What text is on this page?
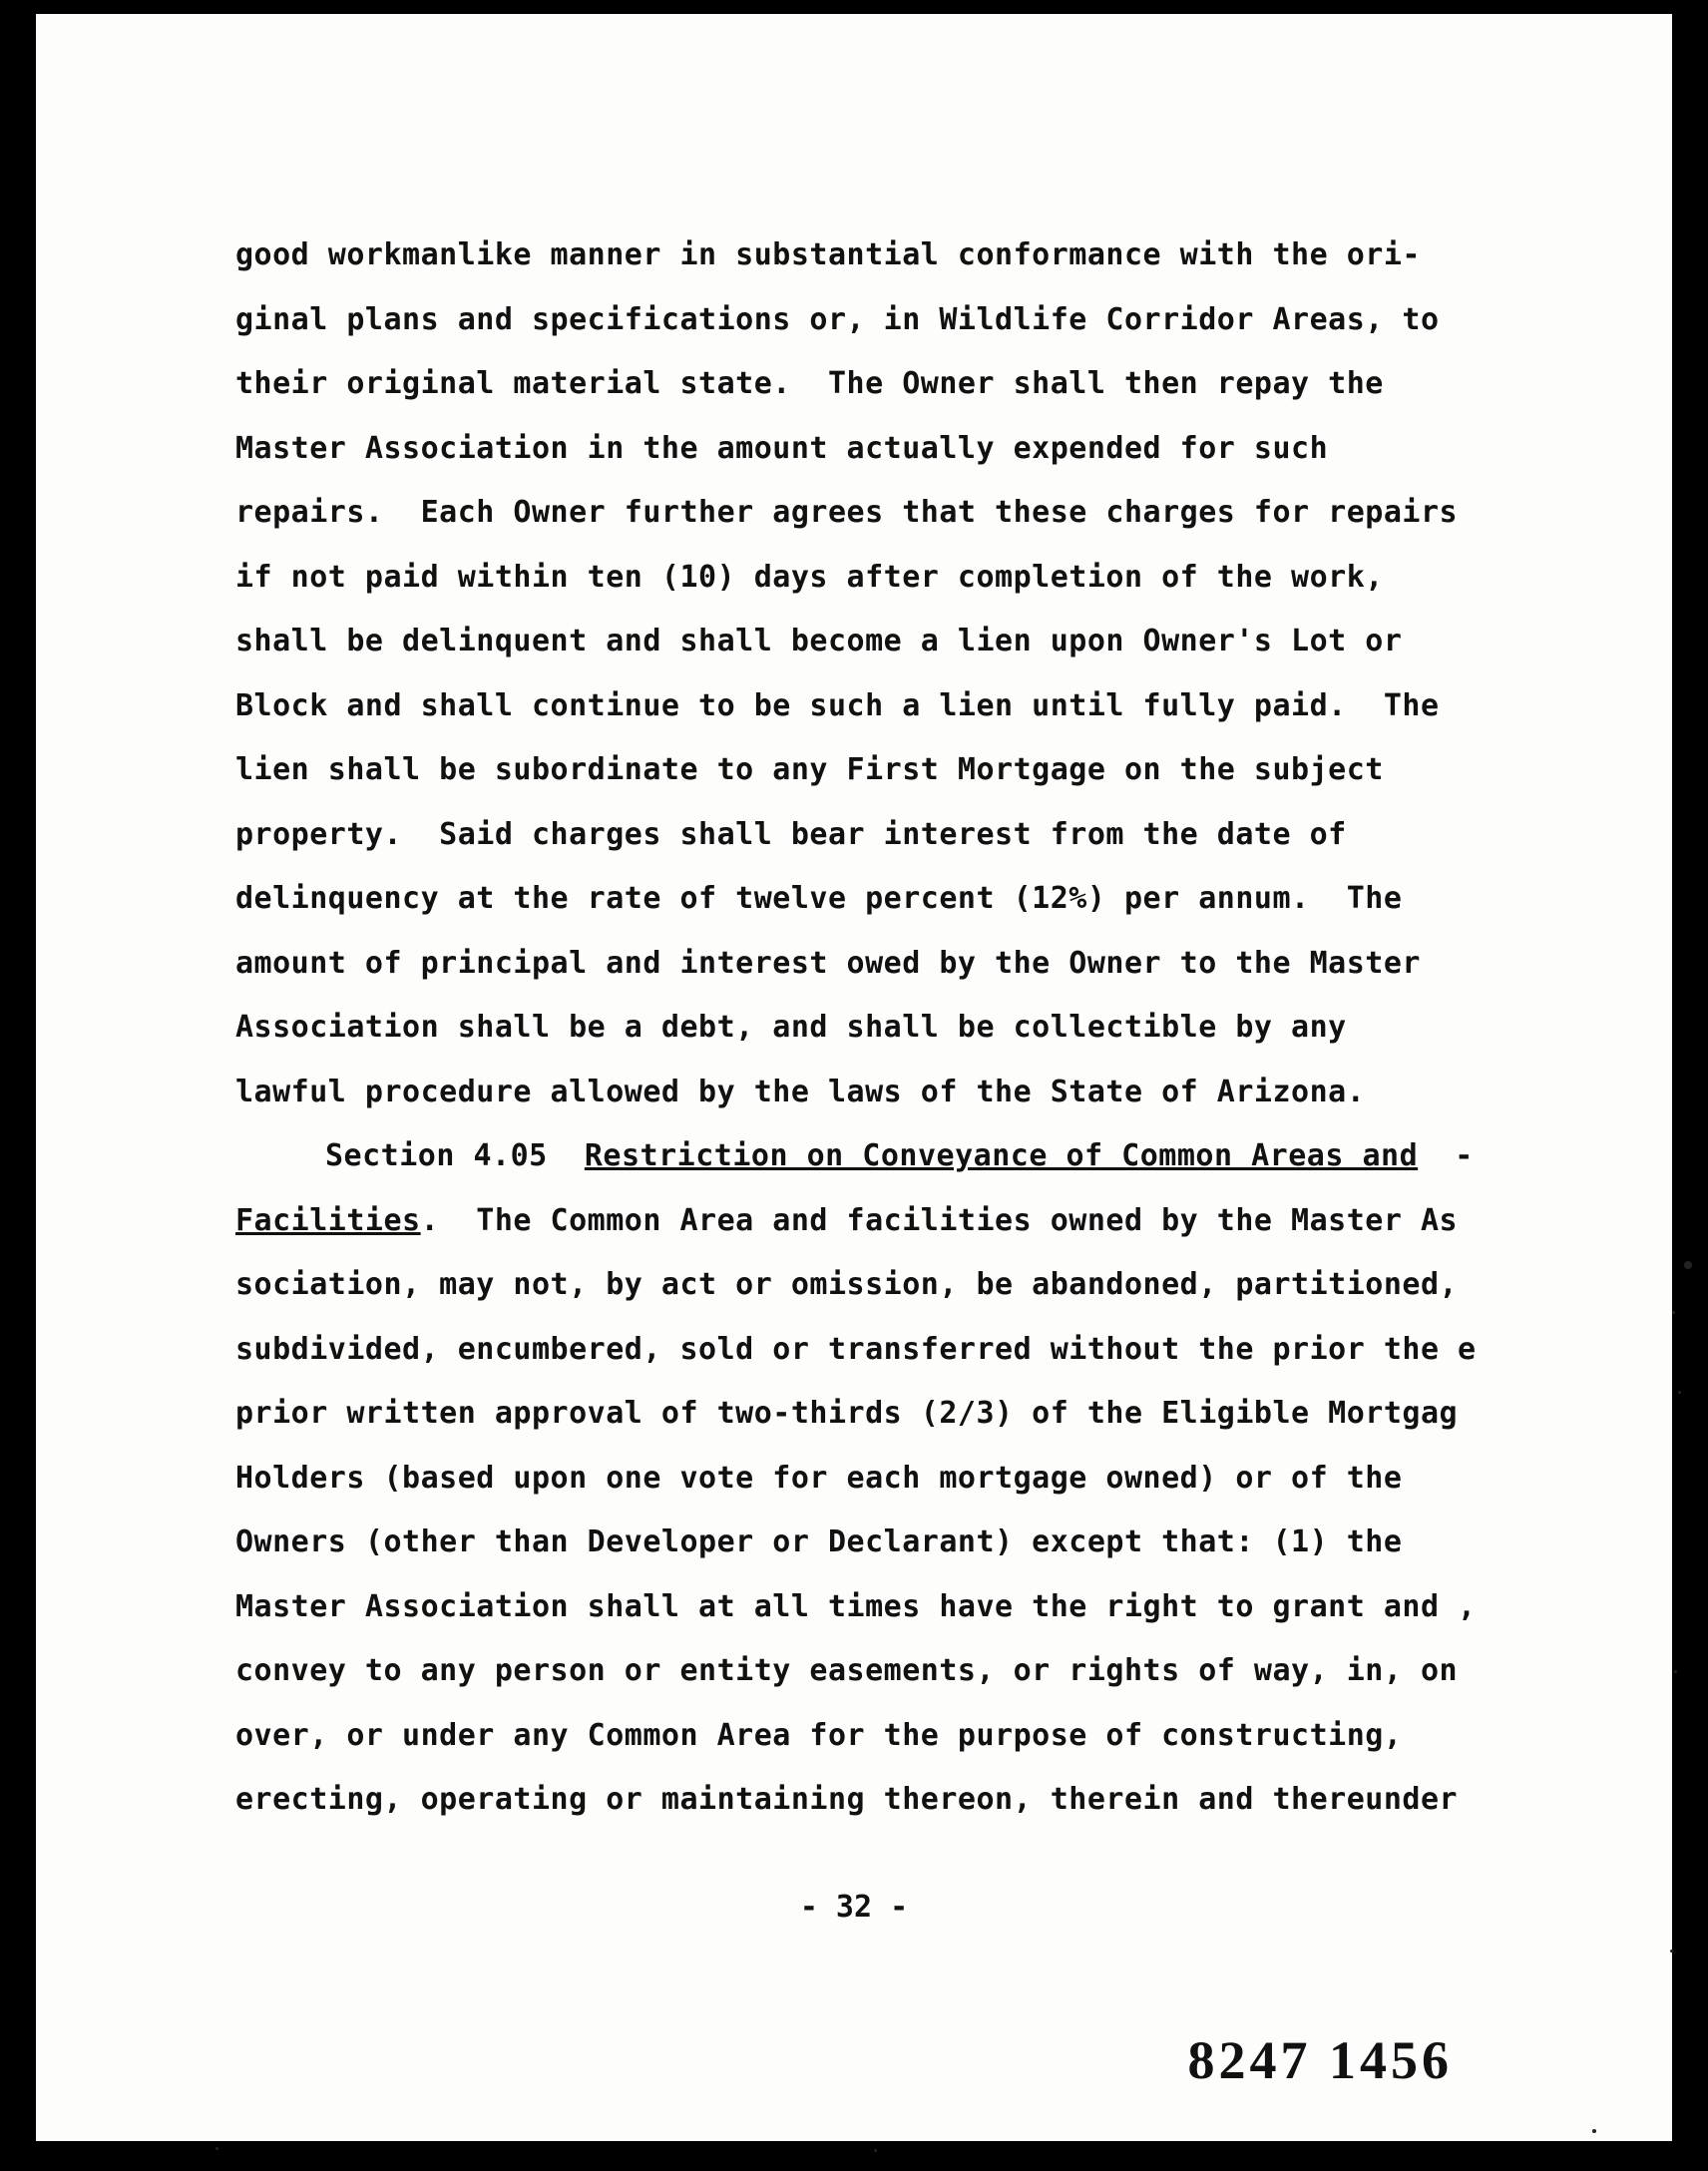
good workmanlike manner in substantial conformance with the ori-
ginal plans and specifications or, in Wildlife Corridor Areas, to
their original material state.  The Owner shall then repay the
Master Association in the amount actually expended for such
repairs.  Each Owner further agrees that these charges for repairs
if not paid within ten (10) days after completion of the work,
shall be delinquent and shall become a lien upon Owner's Lot or
Block and shall continue to be such a lien until fully paid.  The
lien shall be subordinate to any First Mortgage on the subject
property.  Said charges shall bear interest from the date of
delinquency at the rate of twelve percent (12%) per annum.  The
amount of principal and interest owed by the Owner to the Master
Association shall be a debt, and shall be collectible by any
lawful procedure allowed by the laws of the State of Arizona.
Section 4.05 Restriction on Conveyance of Common Areas and -
Facilities.  The Common Area and facilities owned by the Master As
sociation, may not, by act or omission, be abandoned, partitioned,
subdivided, encumbered, sold or transferred without the prior the e
prior written approval of two-thirds (2/3) of the Eligible Mortgag
Holders (based upon one vote for each mortgage owned) or of the
Owners (other than Developer or Declarant) except that: (1) the
Master Association shall at all times have the right to grant and ,
convey to any person or entity easements, or rights of way, in, on
over, or under any Common Area for the purpose of constructing,
erecting, operating or maintaining thereon, therein and thereunder
- 32 -
8247 1456
